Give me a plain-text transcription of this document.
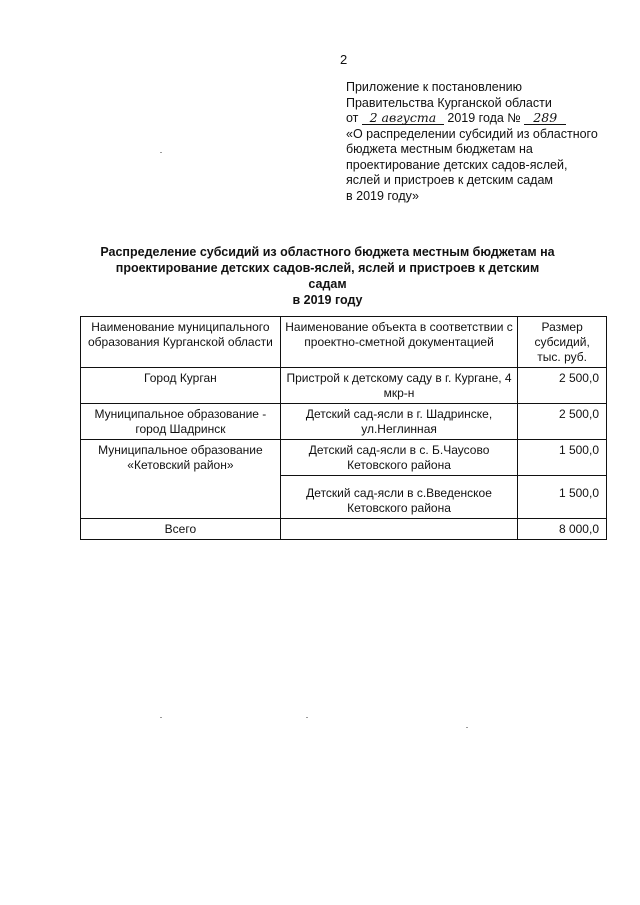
2
Приложение к постановлению
Правительства Курганской области
от 2 августа 2019 года № 289
«О распределении субсидий из областного
бюджета местным бюджетам на
проектирование детских садов-яслей,
яслей и пристроев к детским садам
в 2019 году»
Распределение субсидий из областного бюджета местным бюджетам на
проектирование детских садов-яслей, яслей и пристроев к детским садам
в 2019 году
Наименование муниципального образования Курганской области	Наименование объекта в соответствии с проектно-сметной документацией	Размер субсидий, тыс. руб.
Город Курган	Пристрой к детскому саду в г. Кургане, 4 мкр-н	2 500,0
Муниципальное образование - город Шадринск	Детский сад-ясли в г. Шадринске, ул.Неглинная	2 500,0
Муниципальное образование «Кетовский район»	Детский сад-ясли в с. Б.Чаусово Кетовского района	1 500,0
	Детский сад-ясли в с.Введенское Кетовского района	1 500,0
Всего		8 000,0
